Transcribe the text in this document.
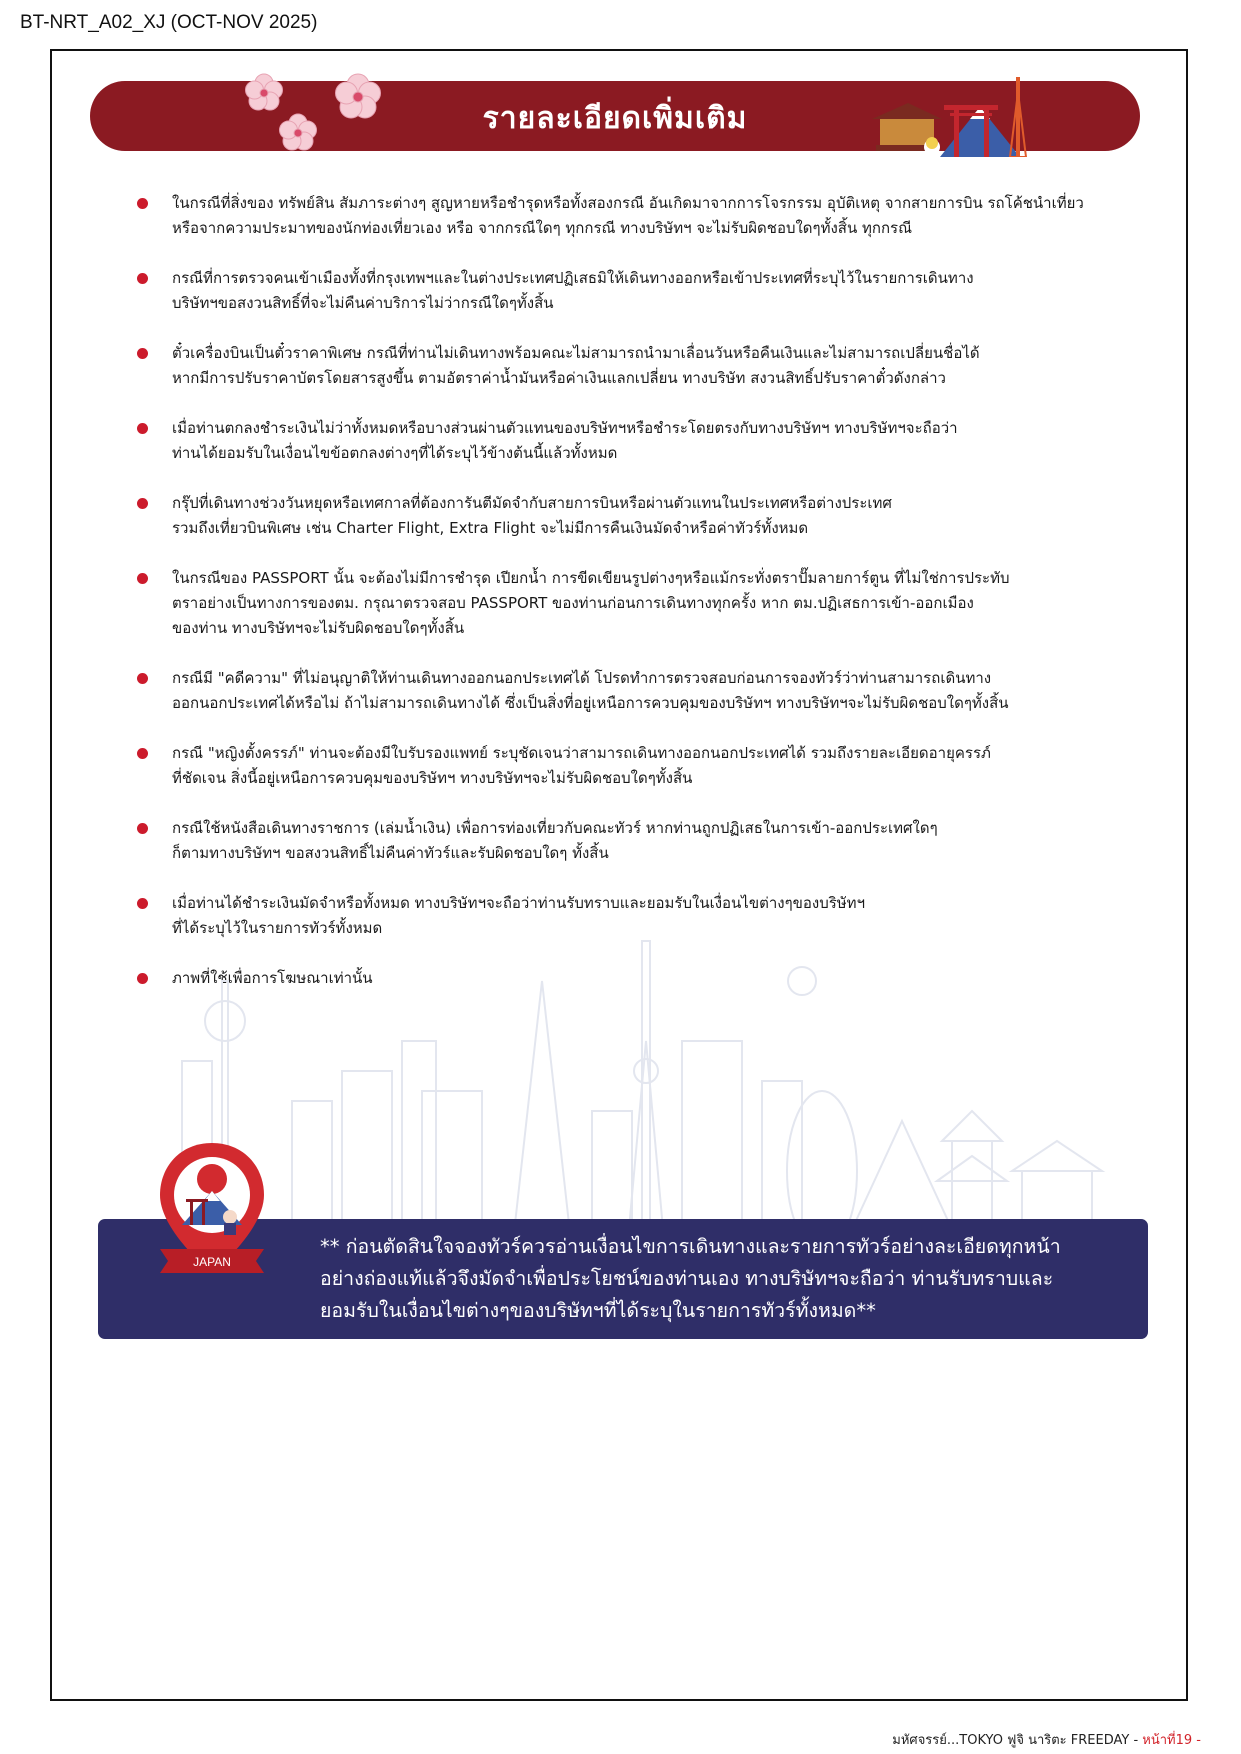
BT-NRT_A02_XJ (OCT-NOV 2025)
รายละเอียดเพิ่มเติม
ในกรณีที่สิ่งของ ทรัพย์สิน สัมภาระต่างๆ สูญหายหรือชำรุดหรือทั้งสองกรณี อันเกิดมาจากการโจรกรรม อุบัติเหตุ จากสายการบิน รถโค้ชนำเที่ยว
หรือจากความประมาทของนักท่องเที่ยวเอง หรือ จากกรณีใดๆ ทุกกรณี ทางบริษัทฯ จะไม่รับผิดชอบใดๆทั้งสิ้น ทุกกรณี
กรณีที่การตรวจคนเข้าเมืองทั้งที่กรุงเทพฯและในต่างประเทศปฏิเสธมิให้เดินทางออกหรือเข้าประเทศที่ระบุไว้ในรายการเดินทาง
บริษัทฯขอสงวนสิทธิ์ที่จะไม่คืนค่าบริการไม่ว่ากรณีใดๆทั้งสิ้น
ตั๋วเครื่องบินเป็นตั๋วราคาพิเศษ กรณีที่ท่านไม่เดินทางพร้อมคณะไม่สามารถนำมาเลื่อนวันหรือคืนเงินและไม่สามารถเปลี่ยนชื่อได้
หากมีการปรับราคาบัตรโดยสารสูงขึ้น ตามอัตราค่าน้ำมันหรือค่าเงินแลกเปลี่ยน ทางบริษัท สงวนสิทธิ์ปรับราคาตั๋วดังกล่าว
เมื่อท่านตกลงชำระเงินไม่ว่าทั้งหมดหรือบางส่วนผ่านตัวแทนของบริษัทฯหรือชำระโดยตรงกับทางบริษัทฯ ทางบริษัทฯจะถือว่า
ท่านได้ยอมรับในเงื่อนไขข้อตกลงต่างๆที่ได้ระบุไว้ข้างต้นนี้แล้วทั้งหมด
กรุ๊ปที่เดินทางช่วงวันหยุดหรือเทศกาลที่ต้องการันตีมัดจำกับสายการบินหรือผ่านตัวแทนในประเทศหรือต่างประเทศ
รวมถึงเที่ยวบินพิเศษ เช่น Charter Flight, Extra Flight จะไม่มีการคืนเงินมัดจำหรือค่าทัวร์ทั้งหมด
ในกรณีของ PASSPORT นั้น จะต้องไม่มีการชำรุด เปียกน้ำ การขีดเขียนรูปต่างๆหรือแม้กระทั่งตราปั๊มลายการ์ตูน ที่ไม่ใช่การประทับ
ตราอย่างเป็นทางการของตม. กรุณาตรวจสอบ PASSPORT ของท่านก่อนการเดินทางทุกครั้ง หาก ตม.ปฏิเสธการเข้า-ออกเมือง
ของท่าน ทางบริษัทฯจะไม่รับผิดชอบใดๆทั้งสิ้น
กรณีมี "คดีความ" ที่ไม่อนุญาติให้ท่านเดินทางออกนอกประเทศได้ โปรดทำการตรวจสอบก่อนการจองทัวร์ว่าท่านสามารถเดินทาง
ออกนอกประเทศได้หรือไม่ ถ้าไม่สามารถเดินทางได้ ซึ่งเป็นสิ่งที่อยู่เหนือการควบคุมของบริษัทฯ ทางบริษัทฯจะไม่รับผิดชอบใดๆทั้งสิ้น
กรณี "หญิงตั้งครรภ์" ท่านจะต้องมีใบรับรองแพทย์ ระบุชัดเจนว่าสามารถเดินทางออกนอกประเทศได้ รวมถึงรายละเอียดอายุครรภ์
ที่ชัดเจน สิ่งนี้อยู่เหนือการควบคุมของบริษัทฯ ทางบริษัทฯจะไม่รับผิดชอบใดๆทั้งสิ้น
กรณีใช้หนังสือเดินทางราชการ (เล่มน้ำเงิน) เพื่อการท่องเที่ยวกับคณะทัวร์ หากท่านถูกปฏิเสธในการเข้า-ออกประเทศใดๆ
ก็ตามทางบริษัทฯ ขอสงวนสิทธิ์ไม่คืนค่าทัวร์และรับผิดชอบใดๆ ทั้งสิ้น
เมื่อท่านได้ชำระเงินมัดจำหรือทั้งหมด ทางบริษัทฯจะถือว่าท่านรับทราบและยอมรับในเงื่อนไขต่างๆของบริษัทฯ
ที่ได้ระบุไว้ในรายการทัวร์ทั้งหมด
ภาพที่ใช้เพื่อการโฆษณาเท่านั้น
** ก่อนตัดสินใจจองทัวร์ควรอ่านเงื่อนไขการเดินทางและรายการทัวร์อย่างละเอียดทุกหน้า
อย่างถ่องแท้แล้วจึงมัดจำเพื่อประโยชน์ของท่านเอง ทางบริษัทฯจะถือว่า ท่านรับทราบและ
ยอมรับในเงื่อนไขต่างๆของบริษัทฯที่ได้ระบุในรายการทัวร์ทั้งหมด**
JAPAN
มหัศจรรย์...TOKYO ฟูจิ นาริตะ FREEDAY - หน้าที่19 -
